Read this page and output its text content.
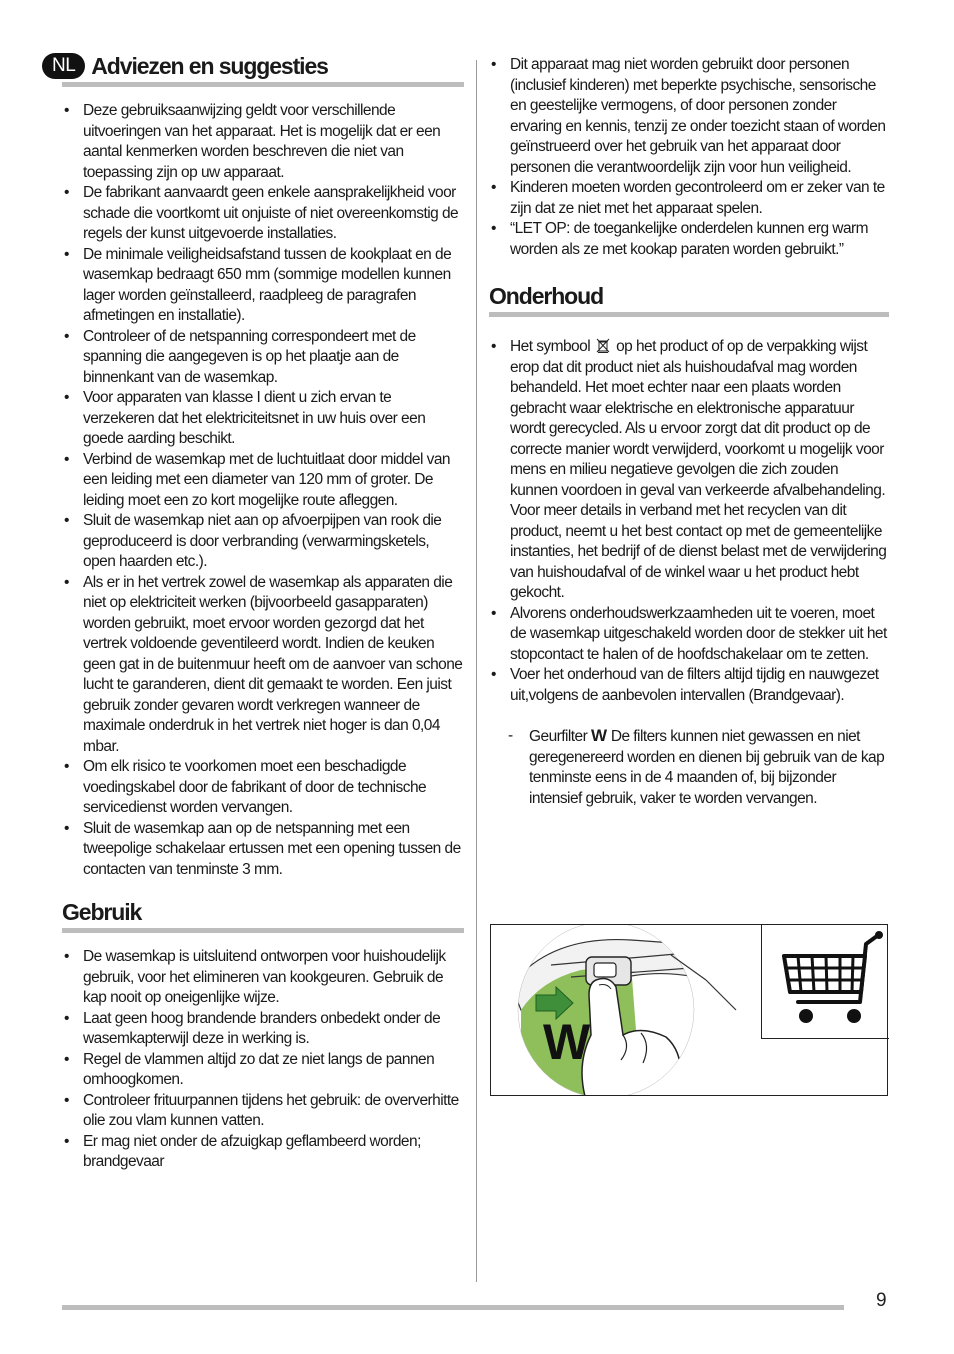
NL Adviezen en suggesties
• Deze gebruiksaanwijzing geldt voor verschillende uitvoeringen van het apparaat. Het is mogelijk dat er een aantal kenmerken worden beschreven die niet van toepassing zijn op uw apparaat.
• De fabrikant aanvaardt geen enkele aansprakelijkheid voor schade die voortkomt uit onjuiste of niet overeenkomstig de regels der kunst uitgevoerde installaties.
• De minimale veiligheidsafstand tussen de kookplaat en de wasemkap bedraagt 650 mm (sommige modellen kunnen lager worden geïnstalleerd, raadpleeg de paragrafen afmetingen en installatie).
• Controleer of de netspanning correspondeert met de spanning die aangegeven is op het plaatje aan de binnenkant van de wasemkap.
• Voor apparaten van klasse I dient u zich ervan te verzekeren dat het elektriciteitsnet in uw huis over een goede aarding beschikt.
• Verbind de wasemkap met de luchtuitlaat door middel van een leiding met een diameter van 120 mm of groter. De leiding moet een zo kort mogelijke route afleggen.
• Sluit de wasemkap niet aan op afvoerpijpen van rook die geproduceerd is door verbranding (verwarmingsketels, open haarden etc.).
• Als er in het vertrek zowel de wasemkap als apparaten die niet op elektriciteit werken (bijvoorbeeld gasapparaten) worden gebruikt, moet ervoor worden gezorgd dat het vertrek voldoende geventileerd wordt. Indien de keuken geen gat in de buitenmuur heeft om de aanvoer van schone lucht te garanderen, dient dit gemaakt te worden. Een juist gebruik zonder gevaren wordt verkregen wanneer de maximale onderdruk in het vertrek niet hoger is dan 0,04 mbar.
• Om elk risico te voorkomen moet een beschadigde voedingskabel door de fabrikant of door de technische servicedienst worden vervangen.
• Sluit de wasemkap aan op de netspanning met een tweepolige schakelaar ertussen met een opening tussen de contacten van tenminste 3 mm.
Gebruik
• De wasemkap is uitsluitend ontworpen voor huishoudelijk gebruik, voor het elimineren van kookgeuren. Gebruik de kap nooit op oneigenlijke wijze.
• Laat geen hoog brandende branders onbedekt onder de wasemkapterwijl deze in werking is.
• Regel de vlammen altijd zo dat ze niet langs de pannen omhoogkomen.
• Controleer frituurpannen tijdens het gebruik: de oververhitte olie zou vlam kunnen vatten.
• Er mag niet onder de afzuigkap geflambeerd worden; brandgevaar
• Dit apparaat mag niet worden gebruikt door personen (inclusief kinderen) met beperkte psychische, sensorische en geestelijke vermogens, of door personen zonder ervaring en kennis, tenzij ze onder toezicht staan of worden geïnstrueerd over het gebruik van het apparaat door personen die verantwoordelijk zijn voor hun veiligheid.
• Kinderen moeten worden gecontroleerd om er zeker van te zijn dat ze niet met het apparaat spelen.
• “LET OP: de toegankelijke onderdelen kunnen erg warm worden als ze met kookap paraten worden gebruikt.”
Onderhoud
• Het symbool op het product of op de verpakking wijst erop dat dit product niet als huishoudafval mag worden behandeld. Het moet echter naar een plaats worden gebracht waar elektrische en elektronische apparatuur wordt gerecycled. Als u ervoor zorgt dat dit product op de correcte manier wordt verwijderd, voorkomt u mogelijk voor mens en milieu negatieve gevolgen die zich zouden kunnen voordoen in geval van verkeerde afvalbehandeling. Voor meer details in verband met het recyclen van dit product, neemt u het best contact op met de gemeentelijke instanties, het bedrijf of de dienst belast met de verwijdering van huishoudafval of de winkel waar u het product hebt gekocht.
• Alvorens onderhoudswerkzaamheden uit te voeren, moet de wasemkap uitgeschakeld worden door de stekker uit het stopcontact te halen of de hoofdschakelaar om te zetten.
• Voer het onderhoud van de filters altijd tijdig en nauwgezet uit,volgens de aanbevolen intervallen (Brandgevaar).
- Geurfilter W De filters kunnen niet gewassen en niet geregenereerd worden en dienen bij gebruik van de kap tenminste eens in de 4 maanden of, bij bijzonder intensief gebruik, vaker te worden vervangen.
W
9
